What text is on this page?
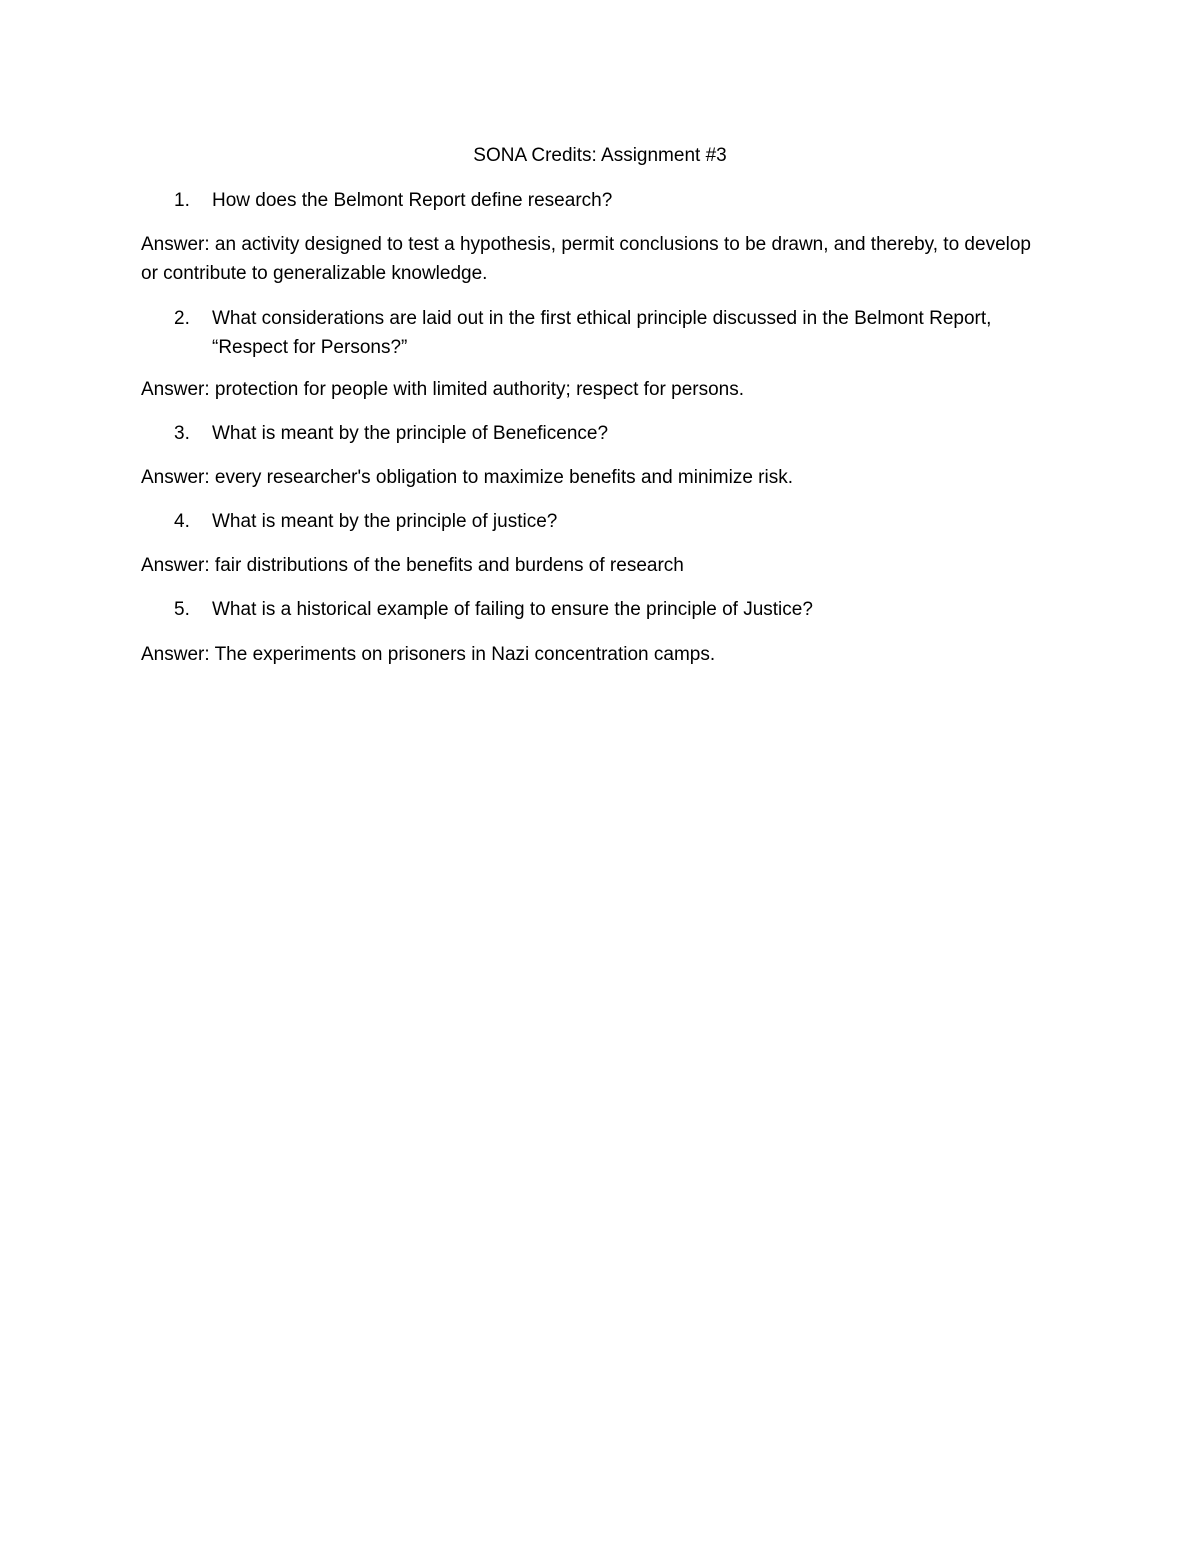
SONA Credits: Assignment #3
1.	How does the Belmont Report define research?
Answer: an activity designed to test a hypothesis, permit conclusions to be drawn, and thereby, to develop or contribute to generalizable knowledge.
2.	What considerations are laid out in the first ethical principle discussed in the Belmont Report, “Respect for Persons?”
Answer: protection for people with limited authority; respect for persons.
3.	What is meant by the principle of Beneficence?
Answer: every researcher's obligation to maximize benefits and minimize risk.
4.	What is meant by the principle of justice?
Answer: fair distributions of the benefits and burdens of research
5.	What is a historical example of failing to ensure the principle of Justice?
Answer: The experiments on prisoners in Nazi concentration camps.
